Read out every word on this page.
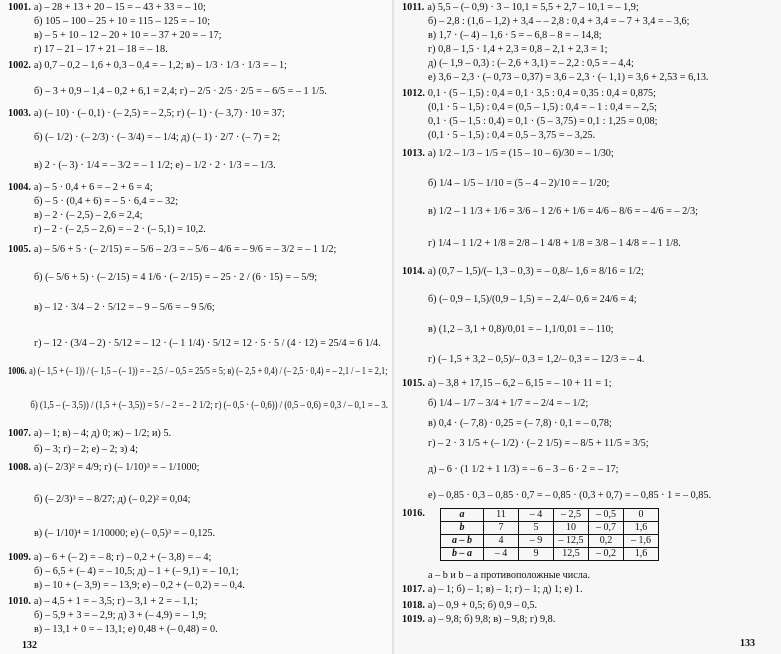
1001. а) – 28 + 13 + 20 – 15 = – 43 + 33 = – 10;
б) 105 – 100 – 25 + 10 = 115 – 125 = – 10;
в) – 5 + 10 – 12 – 20 + 10 = – 37 + 20 = – 17;
г) 17 – 21 – 17 + 21 – 18 = – 18.
1002. а) 0,7 – 0,2 – 1,6 + 0,3 – 0,4 = – 1,2; в) – 1/3 · 1/3 · 1/3 = – 1;
б) – 3 + 0,9 – 1,4 – 0,2 + 6,1 = 2,4; г) – 2/5 · 2/5 · 2/5 = – 6/5 = – 1 1/5.
1003. а) (– 10) · (– 0,1) · (– 2,5) = – 2,5; г) (– 1) · (– 3,7) · 10 = 37;
б) (– 1/2) · (– 2/3) · (– 3/4) = – 1/4; д) (– 1) · 2/7 · (– 7) = 2;
в) 2 · (– 3) · 1/4 = – 3/2 = – 1 1/2; е) – 1/2 · 2 · 1/3 = – 1/3.
1004. а) – 5 · 0,4 + 6 = – 2 + 6 = 4;
б) – 5 · (0,4 + 6) = – 5 · 6,4 = – 32;
в) – 2 · (– 2,5) – 2,6 = 2,4;
г) – 2 · (– 2,5 – 2,6) = – 2 · (– 5,1) = 10,2.
1005. а) – 5/6 + 5 · (– 2/15) = – 5/6 – 2/3 = – 5/6 – 4/6 = – 9/6 = – 3/2 = – 1 1/2;
б) (– 5/6 + 5) · (– 2/15) = 4 1/6 · (– 2/15) = – 25 · 2 / (6 · 15) = – 5/9;
в) – 12 · 3/4 – 2 · 5/12 = – 9 – 5/6 = – 9 5/6;
г) – 12 · (3/4 – 2) · 5/12 = – 12 · (– 1 1/4) · 5/12 = 12 · 5 · 5 / (4 · 12) = 25/4 = 6 1/4.
1006. а) (– 1,5 + (– 1)) / (– 1,5 – (– 1)) = – 2,5 / – 0,5 = 25/5 = 5; в) (– 2,5 + 0,4) / (– 2,5 · 0,4) = – 2,1 / – 1 = 2,1;
б) (1,5 – (– 3,5)) / (1,5 + (– 3,5)) = 5 / – 2 = – 2 1/2; г) (– 0,5 · (– 0,6)) / (0,5 – 0,6) = 0,3 / – 0,1 = – 3.
1007. а) – 1; в) – 4; д) 0; ж) – 1/2; и) 5.
б) – 3; г) – 2; е) – 2; з) 4;
1008. а) (– 2/3)² = 4/9; г) (– 1/10)³ = – 1/1000;
б) (– 2/3)³ = – 8/27; д) (– 0,2)² = 0,04;
в) (– 1/10)⁴ = 1/10000; е) (– 0,5)³ = – 0,125.
1009. а) – 6 + (– 2) = – 8; г) – 0,2 + (– 3,8) = – 4;
б) – 6,5 + (– 4) = – 10,5; д) – 1 + (– 9,1) = – 10,1;
в) – 10 + (– 3,9) = – 13,9; е) – 0,2 + (– 0,2) = – 0,4.
1010. а) – 4,5 + 1 = – 3,5; г) – 3,1 + 2 = – 1,1;
б) – 5,9 + 3 = – 2,9; д) 3 + (– 4,9) = – 1,9;
в) – 13,1 + 0 = – 13,1; е) 0,48 + (– 0,48) = 0.
132
1011. а) 5,5 – (– 0,9) · 3 – 10,1 = 5,5 + 2,7 – 10,1 = – 1,9;
б) – 2,8 : (1,6 – 1,2) + 3,4 – – 2,8 : 0,4 + 3,4 = – 7 + 3,4 = – 3,6;
в) 1,7 · (– 4) – 1,6 · 5 = – 6,8 – 8 = – 14,8;
г) 0,8 – 1,5 · 1,4 + 2,3 = 0,8 – 2,1 + 2,3 = 1;
д) (– 1,9 – 0,3) : (– 2,6 + 3,1) = – 2,2 : 0,5 = – 4,4;
е) 3,6 – 2,3 · (– 0,73 – 0,37) = 3,6 – 2,3 · (– 1,1) = 3,6 + 2,53 = 6,13.
1012. 0,1 · (5 – 1,5) : 0,4 = 0,1 · 3,5 : 0,4 = 0,35 : 0,4 = 0,875;
(0,1 · 5 – 1,5) : 0,4 = (0,5 – 1,5) : 0,4 = – 1 : 0,4 = – 2,5;
0,1 · (5 – 1,5 : 0,4) = 0,1 · (5 – 3,75) = 0,1 : 1,25 = 0,08;
(0,1 · 5 – 1,5) : 0,4 = 0,5 – 3,75 = – 3,25.
1013. а) 1/2 – 1/3 – 1/5 = (15 – 10 – 6)/30 = – 1/30;
б) 1/4 – 1/5 – 1/10 = (5 – 4 – 2)/10 = – 1/20;
в) 1/2 – 1 1/3 + 1/6 = 3/6 – 1 2/6 + 1/6 = 4/6 – 8/6 = – 4/6 = – 2/3;
г) 1/4 – 1 1/2 + 1/8 = 2/8 – 1 4/8 + 1/8 = 3/8 – 1 4/8 = – 1 1/8.
1014. а) (0,7 – 1,5)/(– 1,3 – 0,3) = – 0,8/– 1,6 = 8/16 = 1/2;
б) (– 0,9 – 1,5)/(0,9 – 1,5) = – 2,4/– 0,6 = 24/6 = 4;
в) (1,2 – 3,1 + 0,8)/0,01 = – 1,1/0,01 = – 110;
г) (– 1,5 + 3,2 – 0,5)/– 0,3 = 1,2/– 0,3 = – 12/3 = – 4.
1015. а) – 3,8 + 17,15 – 6,2 – 6,15 = – 10 + 11 = 1;
б) 1/4 – 1/7 – 3/4 + 1/7 = – 2/4 = – 1/2;
в) 0,4 · (– 7,8) · 0,25 = (– 7,8) · 0,1 = – 0,78;
г) – 2 · 3 1/5 + (– 1/2) · (– 2 1/5) = – 8/5 + 11/5 = 3/5;
д) – 6 · (1 1/2 + 1 1/3) = – 6 – 3 – 6 · 2 = – 17;
е) – 0,85 · 0,3 – 0,85 · 0,7 = – 0,85 · (0,3 + 0,7) = – 0,85 · 1 = – 0,85.
1016.
a – b и b – a противоположные числа.
1017. а) – 1; б) – 1; в) – 1; г) – 1; д) 1; е) 1.
1018. а) – 0,9 + 0,5; б) 0,9 – 0,5.
1019. а) – 9,8; б) 9,8; в) – 9,8; г) 9,8.
133
a	11	– 4	– 2,5	– 0,5	0
b	7	5	10	– 0,7	1,6
a – b	4	– 9	– 12,5	0,2	– 1,6
b – a	– 4	9	12,5	– 0,2	1,6
